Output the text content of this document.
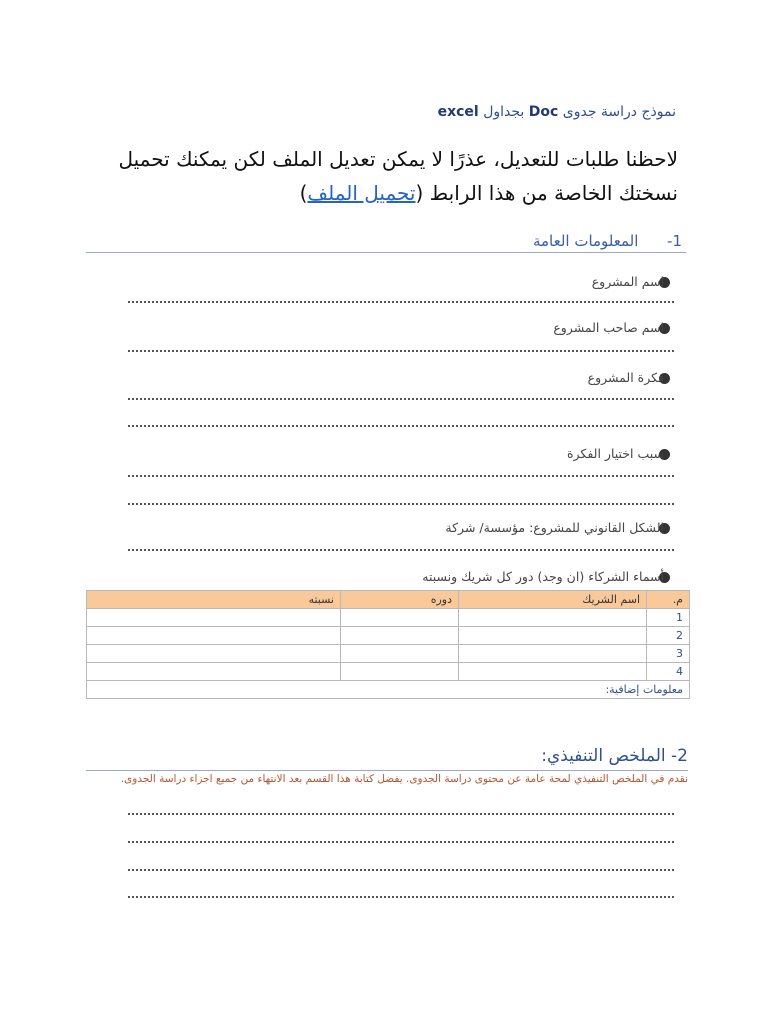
نموذج دراسة جدوى Doc بجداول excel
لاحظنا طلبات للتعديل، عذرًا لا يمكن تعديل الملف لكن يمكنك تحميل نسختك الخاصة من هذا الرابط (تحميل الملف)
1-      المعلومات العامة
اسم المشروع
اسم صاحب المشروع
فكرة المشروع
سبب اختيار الفكرة
الشكل القانوني للمشروع: مؤسسة/ شركة
أسماء الشركاء (ان وجد) دور كل شريك ونسبته
م.	اسم الشريك	دوره	نسبته
1			
2			
3			
4			
معلومات إضافية:			
2- الملخص التنفيذي:
نقدم في الملخص التنفيذي لمحة عامة عن محتوى دراسة الجدوى. يفضل كتابة هذا القسم بعد الانتهاء من جميع اجزاء دراسة الجدوى.
